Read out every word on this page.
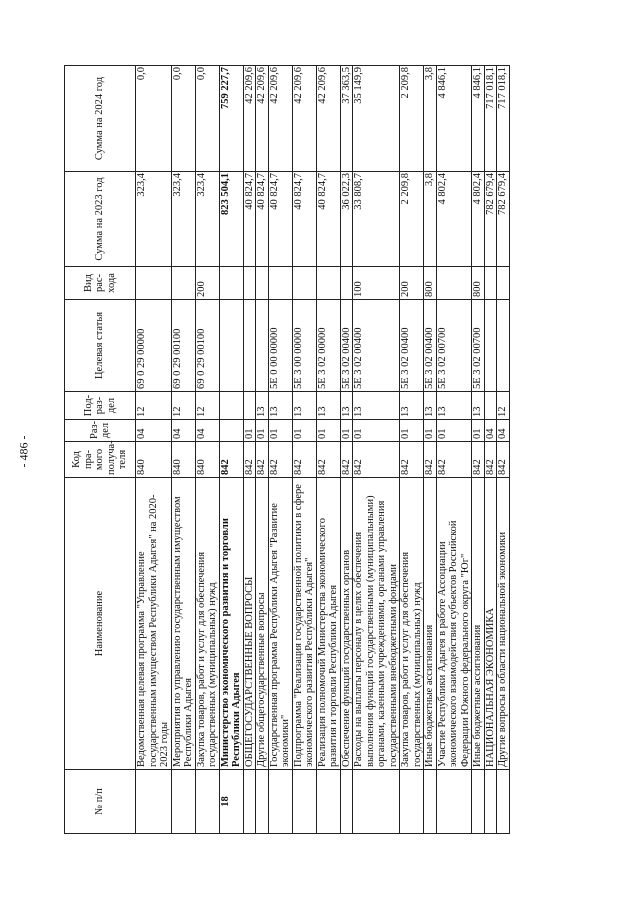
- 486 -
№ п/п	Наименование	Код пра- мого получа- теля	Раз- дел	Под- раз- дел	Целевая статья	Вид рас- хода	Сумма на 2023 год	Сумма на 2024 год
	Ведомственная целевая программа "Управление государственным имуществом Республики Адыгея" на 2020-2023 годы	840	04	12	69 0 29 00000		323,4	0,0
	Мероприятия по управлению государственным имуществом Республики Адыгея	840	04	12	69 0 29 00100		323,4	0,0
	Закупка товаров, работ и услуг для обеспечения государственных (муниципальных) нужд	840	04	12	69 0 29 00100	200	323,4	0,0
18	Министерство экономического развития и торговли Республики Адыгея	842					823 504,1	759 227,7
	ОБЩЕГОСУДАРСТВЕННЫЕ ВОПРОСЫ	842	01				40 824,7	42 209,6
	Другие общегосударственные вопросы	842	01	13			40 824,7	42 209,6
	Государственная программа Республики Адыгея "Развитие экономики"	842	01	13	5Е 0 00 00000		40 824,7	42 209,6
	Подпрограмма "Реализация государственной политики в сфере экономического развития Республики Адыгея"	842	01	13	5Е 3 00 00000		40 824,7	42 209,6
	Реализация полномочий Министерства экономического развития и торговли Республики Адыгея	842	01	13	5Е 3 02 00000		40 824,7	42 209,6
	Обеспечение функций государственных органов	842	01	13	5Е 3 02 00400		36 022,3	37 363,5
	Расходы на выплаты персоналу в целях обеспечения выполнения функций государственными (муниципальными) органами, казенными учреждениями, органами управления государственными внебюджетными фондами	842	01	13	5Е 3 02 00400	100	33 808,7	35 149,9
	Закупка товаров, работ и услуг для обеспечения государственных (муниципальных) нужд	842	01	13	5Е 3 02 00400	200	2 209,8	2 209,8
	Иные бюджетные ассигнования	842	01	13	5Е 3 02 00400	800	3,8	3,8
	Участие Республики Адыгея в работе Ассоциации экономического взаимодействия субъектов Российской Федерации Южного федерального округа "Юг"	842	01	13	5Е 3 02 00700		4 802,4	4 846,1
	Иные бюджетные ассигнования	842	01	13	5Е 3 02 00700	800	4 802,4	4 846,1
	НАЦИОНАЛЬНАЯ ЭКОНОМИКА	842	04				782 679,4	717 018,1
	Другие вопросы в области национальной экономики	842	04	12			782 679,4	717 018,1
